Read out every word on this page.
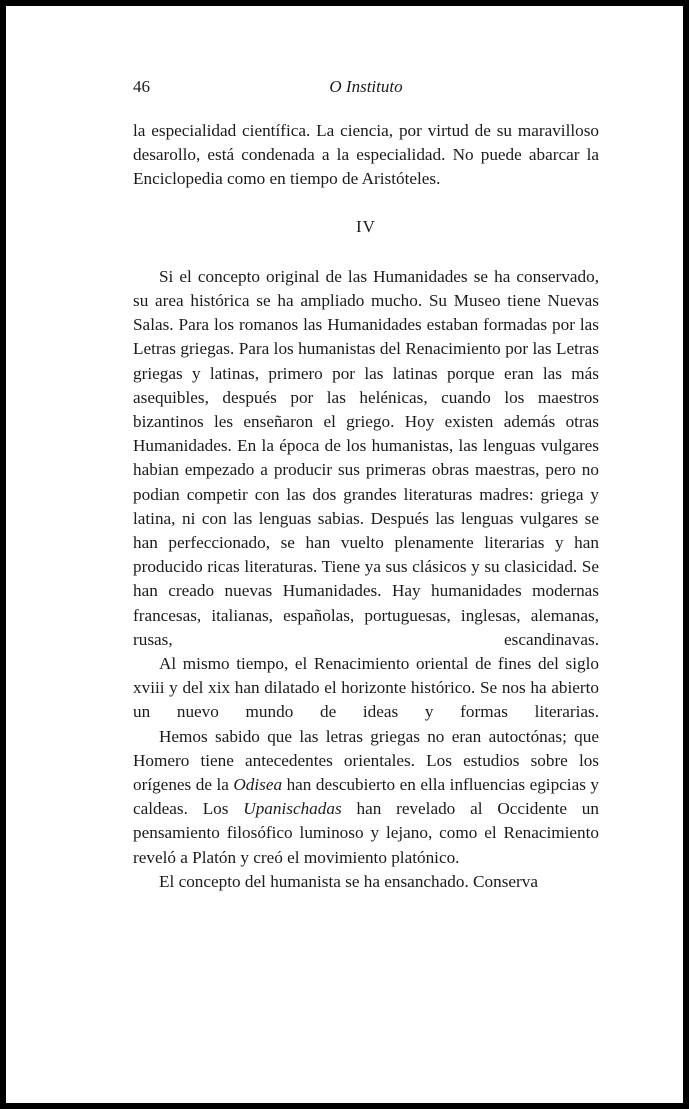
46	O Instituto

la especialidad científica. La ciencia, por virtud de su maravilloso desarollo, está condenada a la especialidad. No puede abarcar la Enciclopedia como en tiempo de Aristóteles.

IV

Si el concepto original de las Humanidades se ha conservado, su area histórica se ha ampliado mucho. Su Museo tiene Nuevas Salas. Para los romanos las Humanidades estaban formadas por las Letras griegas. Para los humanistas del Renacimiento por las Letras griegas y latinas, primero por las latinas porque eran las más asequibles, después por las helénicas, cuando los maestros bizantinos les enseñaron el griego. Hoy existen además otras Humanidades. En la época de los humanistas, las lenguas vulgares habian empezado a producir sus primeras obras maestras, pero no podian competir con las dos grandes literaturas madres: griega y latina, ni con las lenguas sabias. Después las lenguas vulgares se han perfeccionado, se han vuelto plenamente literarias y han producido ricas literaturas. Tiene ya sus clásicos y su clasicidad. Se han creado nuevas Humanidades. Hay humanidades modernas francesas, italianas, españolas, portuguesas, inglesas, alemanas, rusas, escandinavas.

Al mismo tiempo, el Renacimiento oriental de fines del siglo xviii y del xix han dilatado el horizonte histórico. Se nos ha abierto un nuevo mundo de ideas y formas literarias.

Hemos sabido que las letras griegas no eran autoctónas; que Homero tiene antecedentes orientales. Los estudios sobre los orígenes de la Odisea han descubierto en ella influencias egipcias y caldeas. Los Upanischadas han revelado al Occidente un pensamiento filosófico luminoso y lejano, como el Renacimiento reveló a Platón y creó el movimiento platónico.

El concepto del humanista se ha ensanchado. Conserva
